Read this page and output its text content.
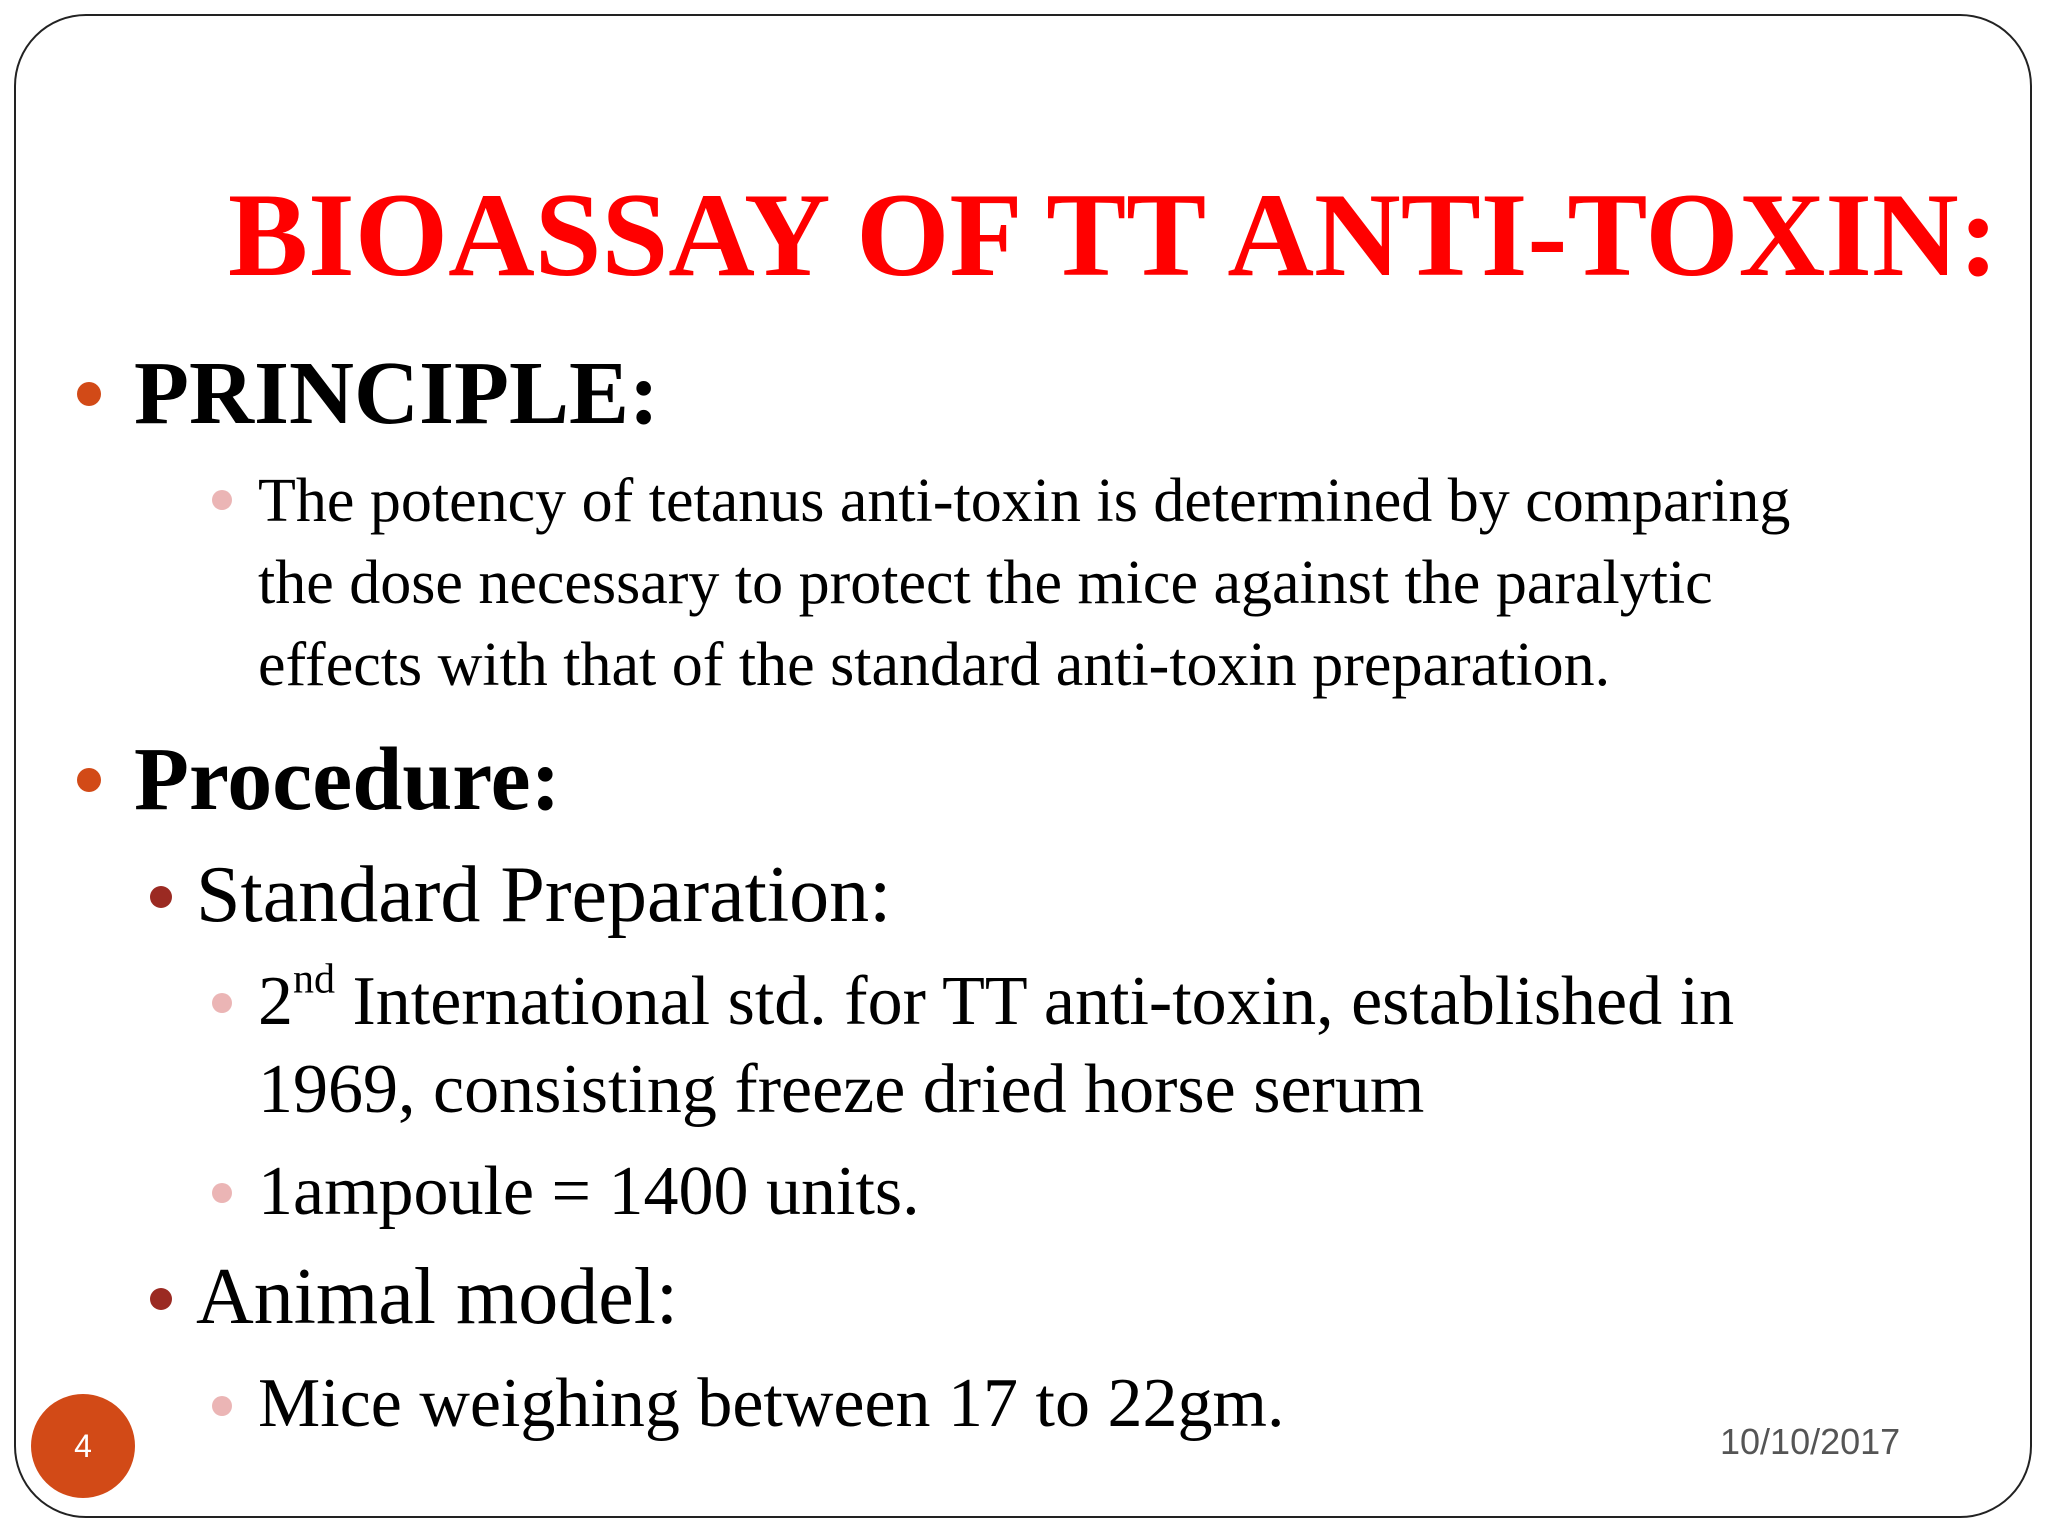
BIOASSAY OF TT ANTI-TOXIN:
PRINCIPLE:
The potency of tetanus anti-toxin is determined by comparing
the dose necessary to protect the mice against the paralytic
effects with that of the standard anti-toxin preparation.
Procedure:
Standard Preparation:
2nd International std. for TT anti-toxin, established in
1969, consisting freeze dried horse serum
1ampoule = 1400 units.
Animal model:
Mice weighing between 17 to 22gm.
4	10/10/2017
